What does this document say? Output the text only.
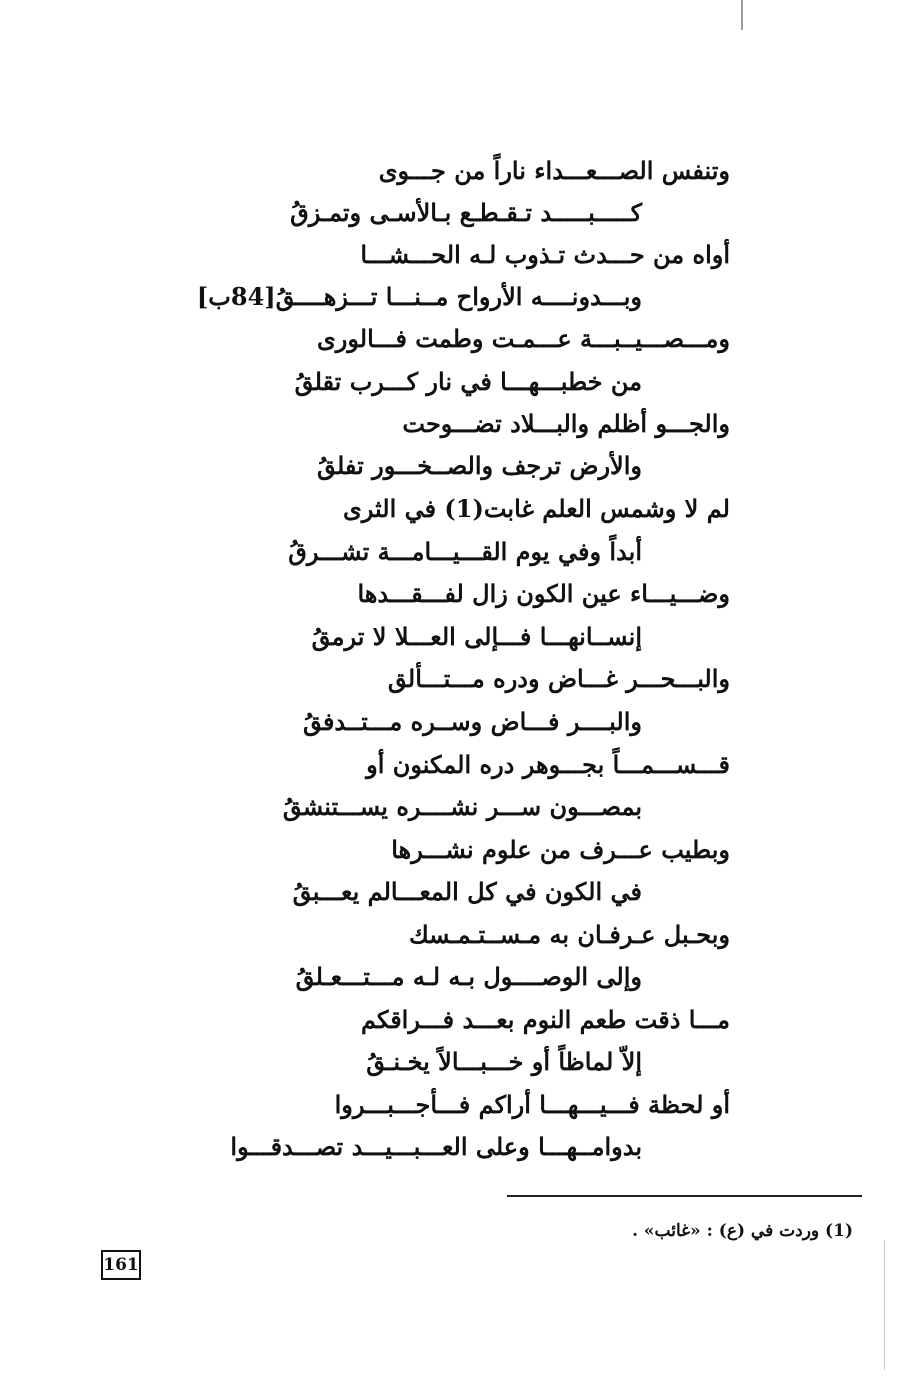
وتنفس الصـــعـــداء ناراً من جـــوى
كـــــبـــــد تـقـطـع بـالأسـى وتمـزقُ
أواه من حـــدث تـذوب لـه الحـــشـــا
وبـــدونــــه الأرواح مــنـــا تـــزهــــقُ[84ب]
ومـــصـــيــبـــة عـــمـت وطمت فـــالورى
من خطبـــهـــا في نار كـــرب تقلقُ
والجـــو أظلم والبـــلاد تضـــوحت
والأرض ترجف والصــخـــور تفلقُ
لم لا وشمس العلم غابت(1) في الثرى
أبداً وفي يوم القـــيـــامـــة تشـــرقُ
وضـــيـــاء عين الكون زال لفـــقـــدها
إنســانهـــا فـــإلى العـــلا لا ترمقُ
والبـــحـــر غـــاض ودره مـــتـــألق
والبــــر فـــاض وســره مـــتــدفقُ
قـــســـمـــاً بجـــوهر دره المكنون أو
بمصـــون ســـر نشــــره يســـتنشقُ
وبطيب عـــرف من علوم نشـــرها
في الكون في كل المعـــالم يعـــبقُ
وبحـبل عـرفـان به مـســتـمـسك
وإلى الوصــــول بـه لـه مـــتـــعـلقُ
مـــا ذقت طعم النوم بعـــد فـــراقكم
إلاّ لماظاً أو خـــبـــالاً يخـنـقُ
أو لحظة فـــيـــهـــا أراكم فـــأجـــبـــروا
بدوامــهـــا وعلى العـــبـــيـــد تصـــدقـــوا
(1) وردت في (ع) : «غائب» .
161
